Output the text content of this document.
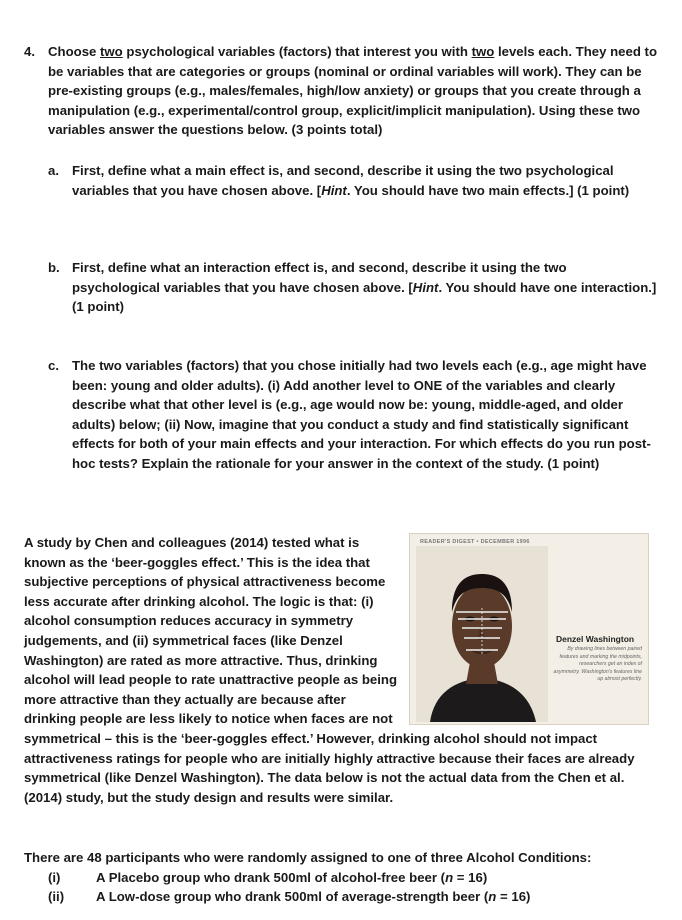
4. Choose two psychological variables (factors) that interest you with two levels each. They need to be variables that are categories or groups (nominal or ordinal variables will work). They can be pre-existing groups (e.g., males/females, high/low anxiety) or groups that you create through a manipulation (e.g., experimental/control group, explicit/implicit manipulation). Using these two variables answer the questions below. (3 points total)
a. First, define what a main effect is, and second, describe it using the two psychological variables that you have chosen above. [Hint. You should have two main effects.] (1 point)
b. First, define what an interaction effect is, and second, describe it using the two psychological variables that you have chosen above. [Hint. You should have one interaction.] (1 point)
c. The two variables (factors) that you chose initially had two levels each (e.g., age might have been: young and older adults). (i) Add another level to ONE of the variables and clearly describe what that other level is (e.g., age would now be: young, middle-aged, and older adults) below; (ii) Now, imagine that you conduct a study and find statistically significant effects for both of your main effects and your interaction. For which effects do you run post-hoc tests? Explain the rationale for your answer in the context of the study. (1 point)
READER'S DIGEST • DECEMBER 1996
Denzel Washington
By drawing lines between paired features and marking the midpoints, researchers get an index of asymmetry. Washington's features line up almost perfectly.
A study by Chen and colleagues (2014) tested what is known as the ‘beer-goggles effect.’ This is the idea that subjective perceptions of physical attractiveness become less accurate after drinking alcohol. The logic is that: (i) alcohol consumption reduces accuracy in symmetry judgements, and (ii) symmetrical faces (like Denzel Washington) are rated as more attractive. Thus, drinking alcohol will lead people to rate unattractive people as being more attractive than they actually are because after drinking people are less likely to notice when faces are not symmetrical – this is the ‘beer-goggles effect.’ However, drinking alcohol should not impact attractiveness ratings for people who are initially highly attractive because their faces are already symmetrical (like Denzel Washington). The data below is not the actual data from the Chen et al. (2014) study, but the study design and results were similar.
There are 48 participants who were randomly assigned to one of three Alcohol Conditions:
(i)	A Placebo group who drank 500ml of alcohol-free beer (n = 16)
(ii) A Low-dose group who drank 500ml of average-strength beer (n = 16)
